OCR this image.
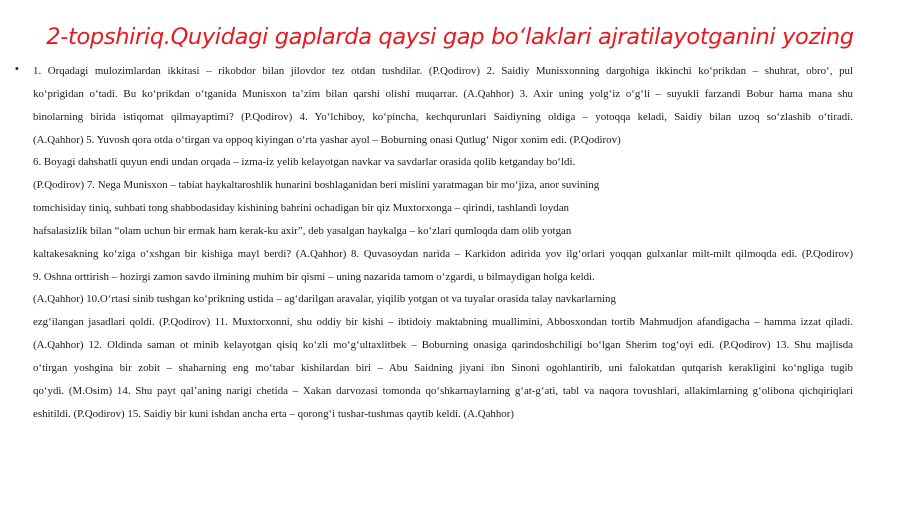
2-topshiriq.Quyidagi gaplarda qaysi gap bo‘laklari ajratilayotganini yozing
• 1. Orqadagi mulozimlardan ikkitasi – rikobdor bilan jilovdor tez otdan tushdilar. (P.Qodirov) 2. Saidiy Munisxonning dargohiga ikkinchi ko‘prikdan – shuhrat, obro‘, pul
ko‘prigidan o‘tadi. Bu ko‘prikdan o‘tganida Munisxon ta’zim bilan qarshi olishi muqarrar. (A.Qahhor) 3. Axir uning yolg‘iz o‘g‘li – suyukli farzandi Bobur hama mana shu
binolarning birida istiqomat qilmayaptimi? (P.Qodirov) 4. Yo‘lchiboy, ko‘pincha, kechqurunlari Saidiyning oldiga – yotoqqa keladi, Saidiy bilan uzoq so‘zlashib o‘tiradi.
(A.Qahhor) 5. Yuvosh qora otda o‘tirgan va oppoq kiyingan o‘rta yashar ayol – Boburning onasi Qutlug‘ Nigor xonim edi. (P.Qodirov)
6. Boyagi dahshatli quyun endi undan orqada – izma-iz yelib kelayotgan navkar va savdarlar orasida qolib ketganday bo‘ldi.
(P.Qodirov) 7. Nega Munisxon – tabiat haykaltaroshlik hunarini boshlaganidan beri mislini yaratmagan bir mo‘jiza, anor suvining
tomchisiday tiniq, suhbati tong shabbodasiday kishining bahrini ochadigan bir qiz Muxtorxonga – qirindi, tashlandi loydan
hafsalasizlik bilan “olam uchun bir ermak ham kerak-ku axir”, deb yasalgan haykalga – ko‘zlari qumloqda dam olib yotgan
kaltakesakning ko‘ziga o‘xshgan bir kishiga mayl berdi? (A.Qahhor) 8. Quvasoydan narida – Karkidon adirida yov ilg‘orlari yoqqan gulxanlar milt-milt qilmoqda edi. (P.Qodirov)
9. Oshna orttirish – hozirgi zamon savdo ilmining muhim bir qismi – uning nazarida tamom o‘zgardi, u bilmaydigan holga keldi.
(A.Qahhor) 10.O‘rtasi sinib tushgan ko‘prikning ustida – ag‘darilgan aravalar, yiqilib yotgan ot va tuyalar orasida talay navkarlarning
ezg‘ilangan jasadlari qoldi. (P.Qodirov) 11. Muxtorxonni, shu oddiy bir kishi – ibtidoiy maktabning muallimini, Abbosxondan tortib Mahmudjon afandigacha – hamma izzat qiladi.
(A.Qahhor) 12. Oldinda saman ot minib kelayotgan qisiq ko‘zli mo‘g‘ultaxlitbek – Boburning onasiga qarindoshchiligi bo‘lgan Sherim tog‘oyi edi. (P.Qodirov) 13. Shu majlisda
o‘tirgan yoshgina bir zobit – shaharning eng mo‘tabar kishilardan biri – Abu Saidning jiyani ibn Sinoni ogohlantirib, uni falokatdan qutqarish kerakligini ko‘ngliga tugib
qo‘ydi. (M.Osim) 14. Shu payt qal’aning narigi chetida – Xakan darvozasi tomonda qo‘shkarnaylarning g‘at-g‘ati, tabl va naqora tovushlari, allakimlarning g‘olibona qichqiriqlari
eshitildi. (P.Qodirov) 15. Saidiy bir kuni ishdan ancha erta – qorong‘i tushar-tushmas qaytib keldi. (A.Qahhor)
